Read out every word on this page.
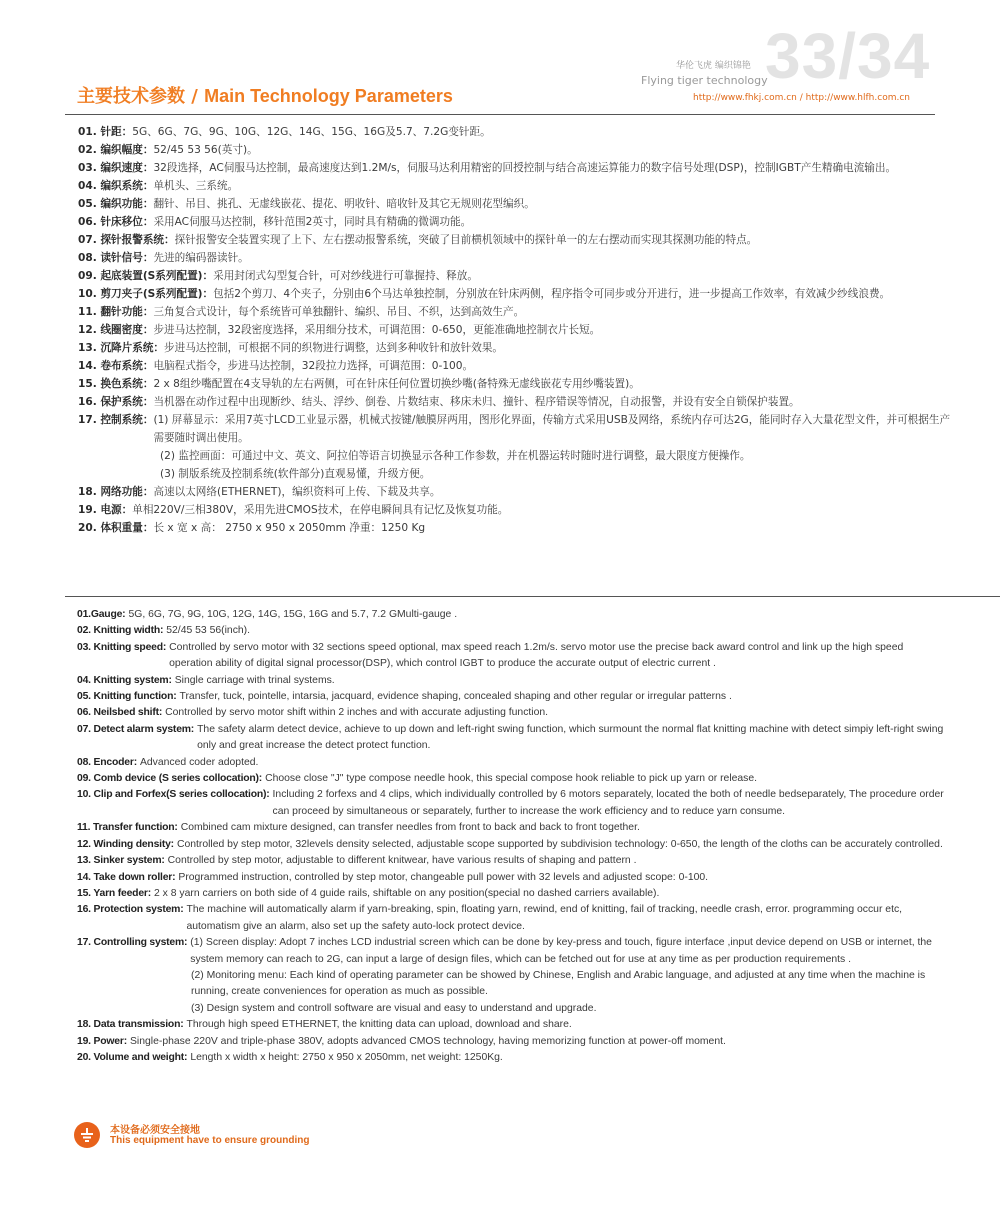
33/34
华伦飞虎 编织锦艳
Flying tiger technology
http://www.fhkj.com.cn / http://www.hlfh.com.cn
主要技术参数 / Main Technology Parameters
01. 针距： 5G、6G、7G、9G、10G、12G、14G、15G、16G及5.7、7.2G变针距。
02. 编织幅度： 52/45 53 56(英寸)。
03. 编织速度： 32段选择，AC伺服马达控制，最高速度达到1.2M/s，伺服马达利用精密的回授控制与结合高速运算能力的数字信号处理(DSP)，控制IGBT产生精确电流输出。
04. 编织系统： 单机头、三系统。
05. 编织功能： 翻针、吊目、挑孔、无虚线嵌花、提花、明收针、暗收针及其它无规则花型编织。
06. 针床移位： 采用AC伺服马达控制，移针范围2英寸，同时具有精确的微调功能。
07. 探针报警系统： 探针报警安全装置实现了上下、左右摆动报警系统，突破了目前横机领域中的探针单一的左右摆动而实现其探测功能的特点。
08. 读针信号： 先进的编码器读针。
09. 起底装置(S系列配置)： 采用封闭式勾型复合针，可对纱线进行可靠握持、释放。
10. 剪刀夹子(S系列配置)： 包括2个剪刀、4个夹子，分别由6个马达单独控制，分别放在针床两侧，程序指令可同步或分开进行，进一步提高工作效率，有效减少纱线浪费。
11. 翻针功能： 三角复合式设计，每个系统皆可单独翻针、编织、吊目、不织，达到高效生产。
12. 线圈密度： 步进马达控制，32段密度选择，采用细分技术，可调范围：0-650，更能准确地控制衣片长短。
13. 沉降片系统： 步进马达控制，可根据不同的织物进行调整，达到多种收针和放针效果。
14. 卷布系统： 电脑程式指令，步进马达控制，32段拉力选择，可调范围：0-100。
15. 换色系统： 2 x 8组纱嘴配置在4支导轨的左右两侧，可在针床任何位置切换纱嘴(备特殊无虚线嵌花专用纱嘴装置)。
16. 保护系统： 当机器在动作过程中出现断纱、结头、浮纱、倒卷、片数结束、移床未归、撞针、程序错误等情况，自动报警，并设有安全自锁保护装置。
17. 控制系统： (1) 屏幕显示：采用7英寸LCD工业显示器，机械式按键/触膜屏两用，图形化界面，传输方式采用USB及网络，系统内存可达2G，能同时存入大量花型文件，并可根据生产需要随时调出使用。
(2) 监控画面：可通过中文、英文、阿拉伯等语言切换显示各种工作参数，并在机器运转时随时进行调整，最大限度方便操作。
(3) 制版系统及控制系统(软件部分)直观易懂，升级方便。
18. 网络功能： 高速以太网络(ETHERNET)，编织资料可上传、下载及共享。
19. 电源： 单相220V/三相380V，采用先进CMOS技术，在停电瞬间具有记忆及恢复功能。
20. 体积重量： 长 x 宽 x 高： 2750 x 950 x 2050mm 净重：1250 Kg
01.Gauge: 5G, 6G, 7G, 9G, 10G, 12G, 14G, 15G, 16G and 5.7, 7.2 GMulti-gauge .
02. Knitting width: 52/45 53 56(inch).
03. Knitting speed: Controlled by servo motor with 32 sections speed optional, max speed reach 1.2m/s. servo motor use the precise back award control and link up the high speed operation ability of digital signal processor(DSP), which control IGBT to produce the accurate output of electric current .
04. Knitting system: Single carriage with trinal systems.
05. Knitting function: Transfer, tuck, pointelle, intarsia, jacquard, evidence shaping, concealed shaping and other regular or irregular patterns .
06. Neilsbed shift: Controlled by servo motor shift within 2 inches and with accurate adjusting function.
07. Detect alarm system: The safety alarm detect device, achieve to up down and left-right swing function, which surmount the normal flat knitting machine with detect simpiy left-right swing only and great increase the detect protect function.
08. Encoder: Advanced coder adopted.
09. Comb device (S series collocation): Choose close "J" type compose needle hook, this special compose hook reliable to pick up yarn or release.
10. Clip and Forfex(S series collocation): Including 2 forfexs and 4 clips, which individually controlled by 6 motors separately, located the both of needle bedseparately, The procedure order can proceed by simultaneous or separately, further to increase the work efficiency and to reduce yarn consume.
11. Transfer function: Combined cam mixture designed, can transfer needles from front to back and back to front together.
12. Winding density: Controlled by step motor, 32levels density selected, adjustable scope supported by subdivision technology: 0-650, the length of the cloths can be accurately controlled.
13. Sinker system: Controlled by step motor, adjustable to different knitwear, have various results of shaping and pattern .
14. Take down roller: Programmed instruction, controlled by step motor, changeable pull power with 32 levels and adjusted scope: 0-100.
15. Yarn feeder: 2 x 8 yarn carriers on both side of 4 guide rails, shiftable on any position(special no dashed carriers available).
16. Protection system: The machine will automatically alarm if yarn-breaking, spin, floating yarn, rewind, end of knitting, fail of tracking, needle crash, error. programming occur etc, automatism give an alarm, also set up the safety auto-lock protect device.
17. Controlling system: (1) Screen display: Adopt 7 inches LCD industrial screen which can be done by key-press and touch, figure interface ,input device depend on USB or internet, the system memory can reach to 2G, can input a large of design files, which can be fetched out for use at any time as per production requirements .
(2) Monitoring menu: Each kind of operating parameter can be showed by Chinese, English and Arabic language, and adjusted at any time when the machine is running, create conveniences for operation as much as possible.
(3) Design system and controll software are visual and easy to understand and upgrade.
18. Data transmission: Through high speed ETHERNET, the knitting data can upload, download and share.
19. Power: Single-phase 220V and triple-phase 380V, adopts advanced CMOS technology, having memorizing function at power-off moment.
20. Volume and weight: Length x width x height: 2750 x 950 x 2050mm, net weight: 1250Kg.
本设备必须安全接地
This equipment have to ensure grounding
